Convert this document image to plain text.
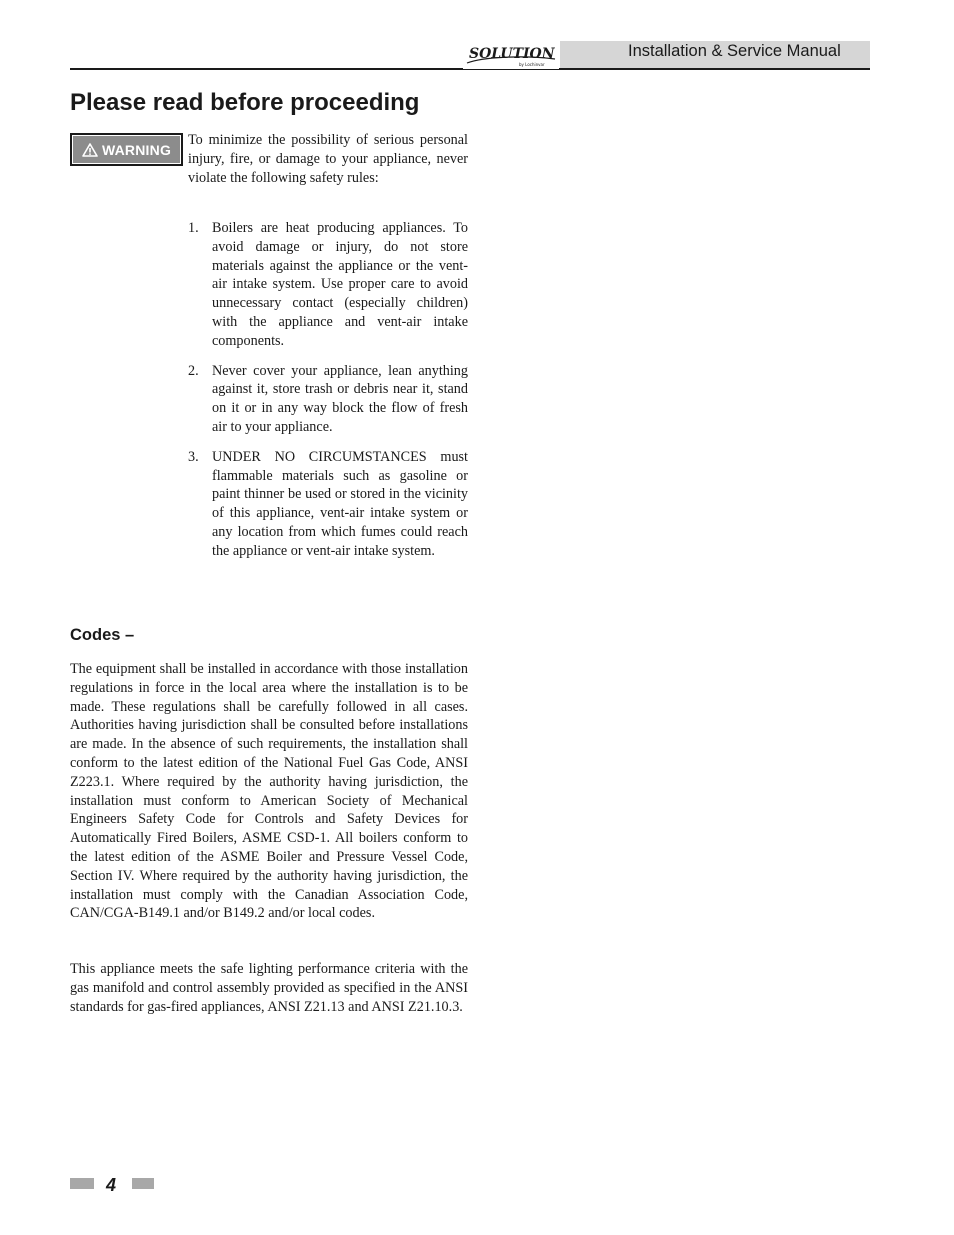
SOLUTION
by Lochinvar
Installation & Service Manual
Please read before proceeding
WARNING

To minimize the possibility of serious personal injury, fire, or damage to your appliance, never violate the following safety rules:

1. Boilers are heat producing appliances. To avoid damage or injury, do not store materials against the appliance or the vent-air intake system. Use proper care to avoid unnecessary contact (especially children) with the appliance and vent-air intake components.
2. Never cover your appliance, lean anything against it, store trash or debris near it, stand on it or in any way block the flow of fresh air to your appliance.
3. UNDER NO CIRCUMSTANCES must flammable materials such as gasoline or paint thinner be used or stored in the vicinity of this appliance, vent-air intake system or any location from which fumes could reach the appliance or vent-air intake system.
Codes –

The equipment shall be installed in accordance with those installation regulations in force in the local area where the installation is to be made. These regulations shall be carefully followed in all cases. Authorities having jurisdiction shall be consulted before installations are made. In the absence of such requirements, the installation shall conform to the latest edition of the National Fuel Gas Code, ANSI Z223.1. Where required by the authority having jurisdiction, the installation must conform to American Society of Mechanical Engineers Safety Code for Controls and Safety Devices for Automatically Fired Boilers, ASME CSD-1. All boilers conform to the latest edition of the ASME Boiler and Pressure Vessel Code, Section IV. Where required by the authority having jurisdiction, the installation must comply with the Canadian Association Code, CAN/CGA-B149.1 and/or B149.2 and/or local codes.

This appliance meets the safe lighting performance criteria with the gas manifold and control assembly provided as specified in the ANSI standards for gas-fired appliances, ANSI Z21.13 and ANSI Z21.10.3.

4
